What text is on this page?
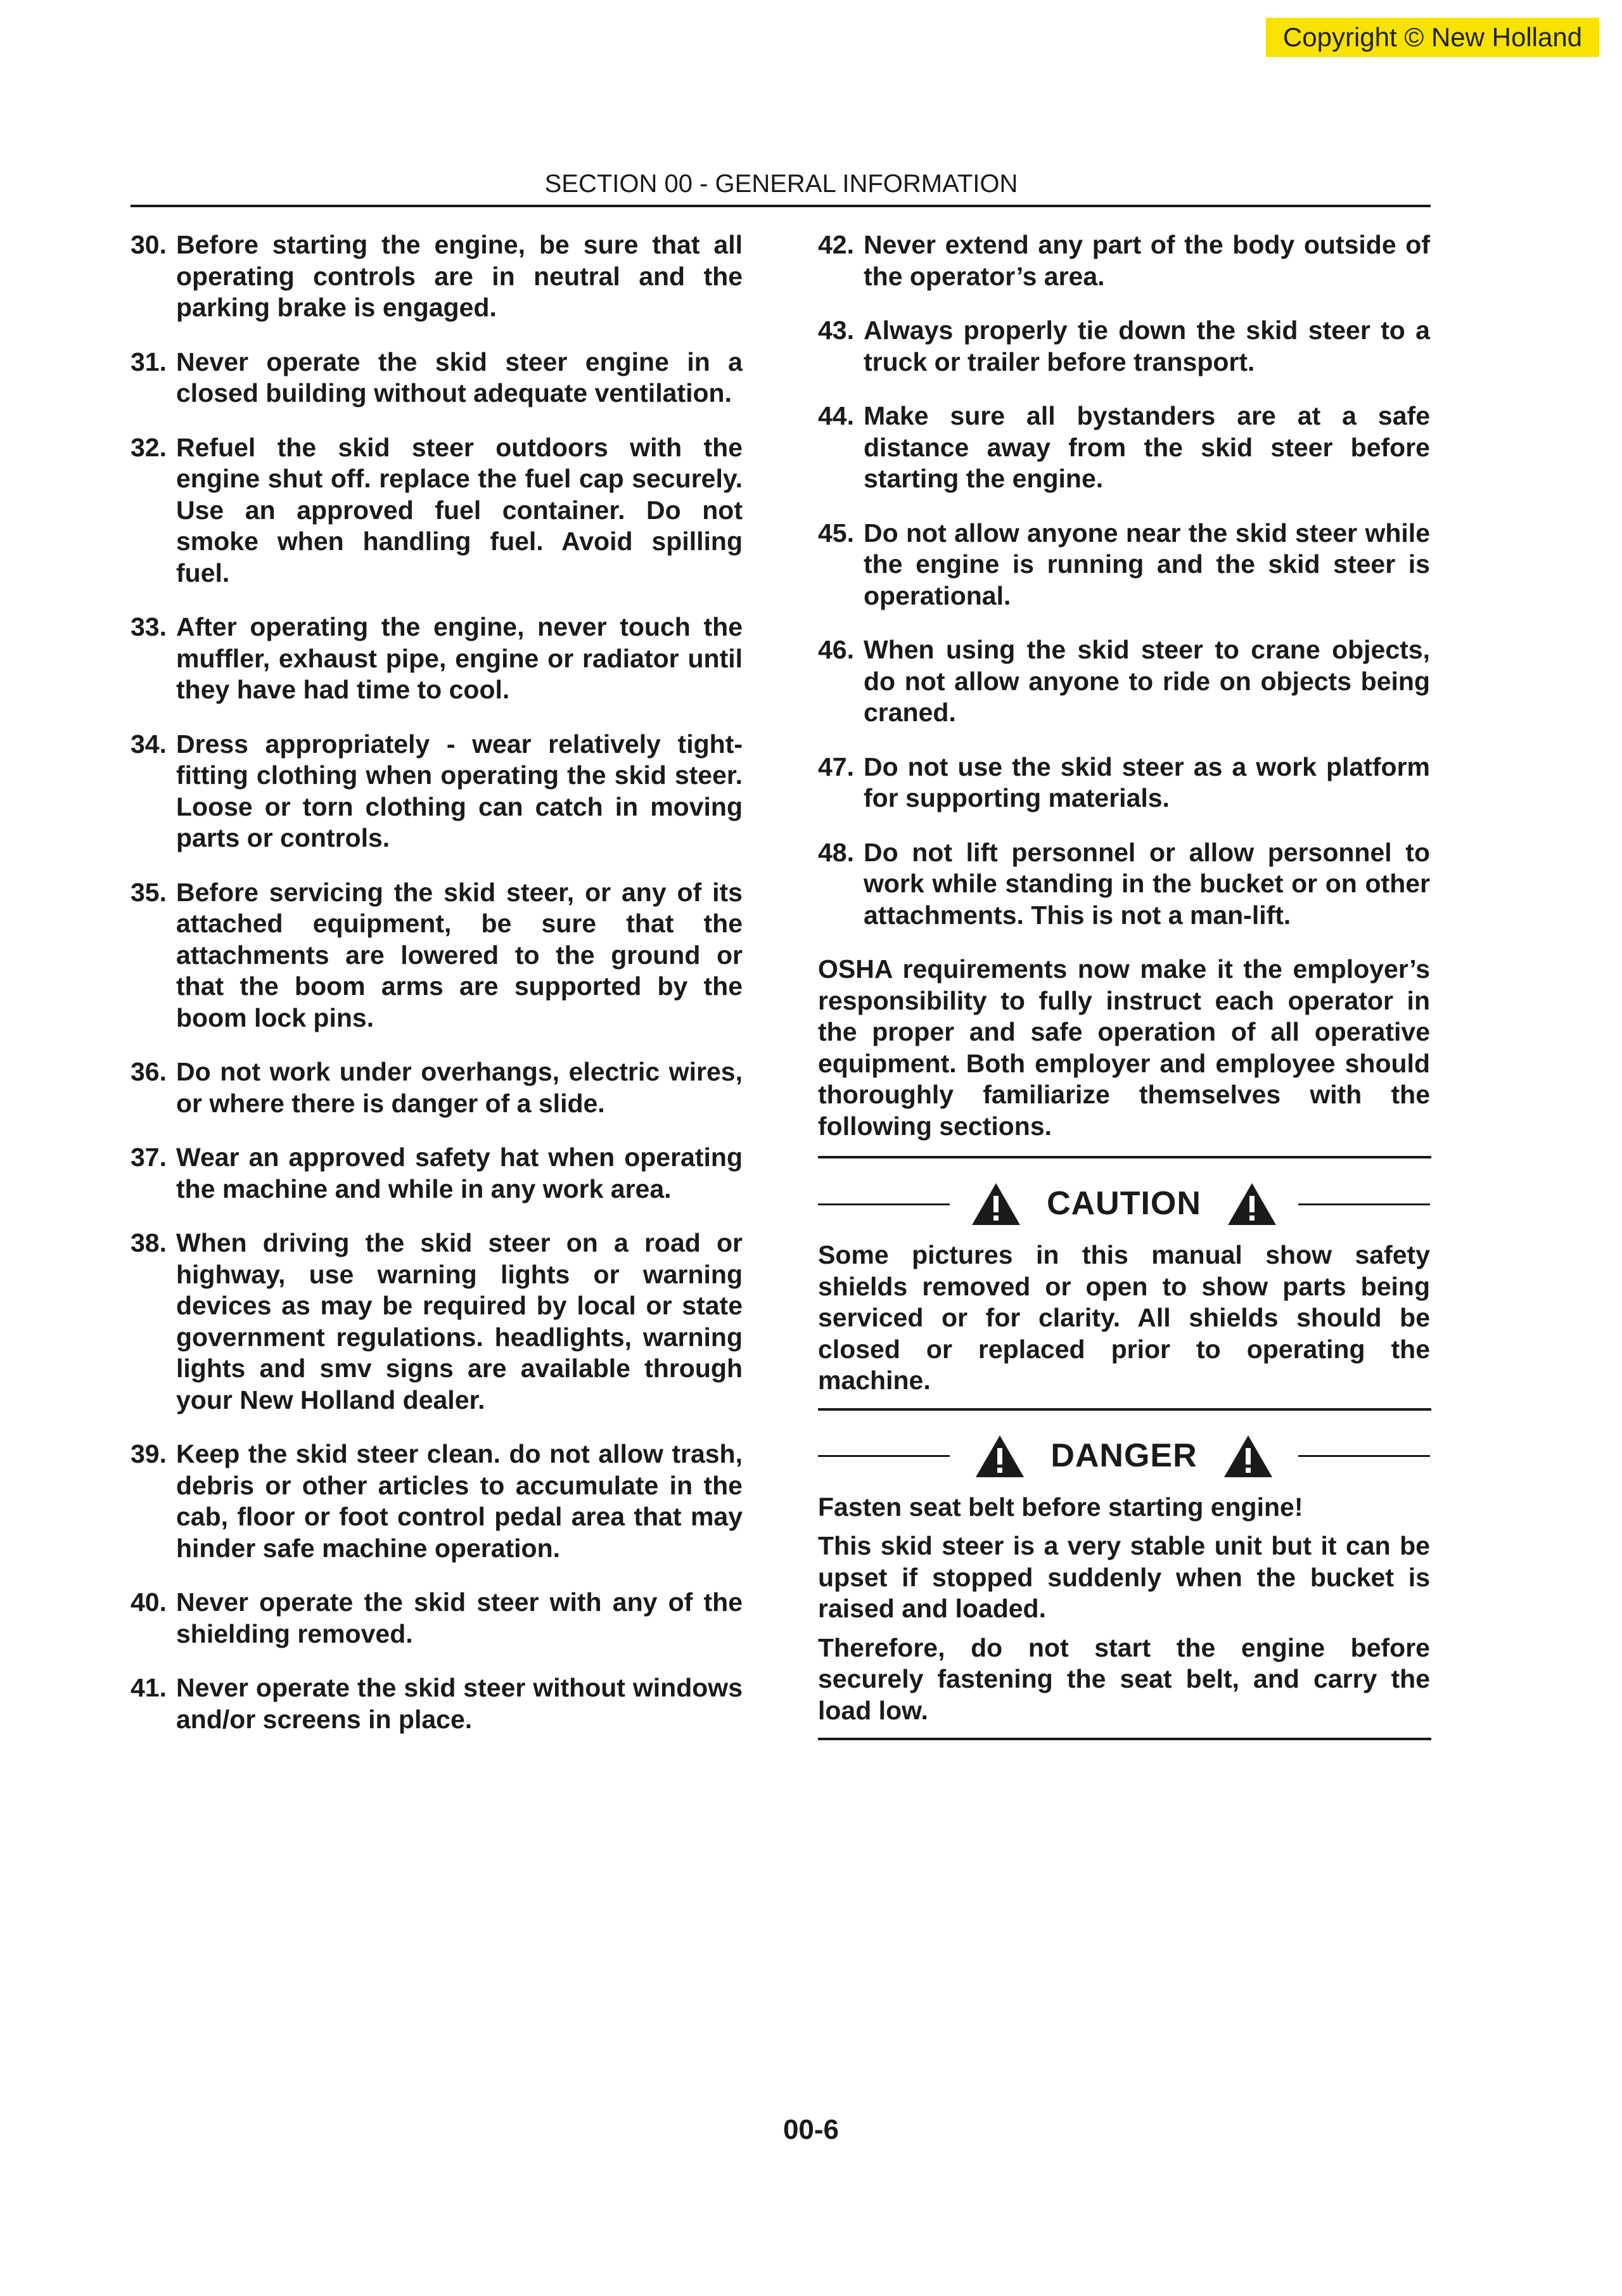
Copyright © New Holland
SECTION 00 - GENERAL INFORMATION
30. Before starting the engine, be sure that all operating controls are in neutral and the parking brake is engaged.
31. Never operate the skid steer engine in a closed building without adequate ventilation.
32. Refuel the skid steer outdoors with the engine shut off. replace the fuel cap securely. Use an approved fuel container. Do not smoke when handling fuel. Avoid spilling fuel.
33. After operating the engine, never touch the muffler, exhaust pipe, engine or radiator until they have had time to cool.
34. Dress appropriately - wear relatively tight-fitting clothing when operating the skid steer. Loose or torn clothing can catch in moving parts or controls.
35. Before servicing the skid steer, or any of its attached equipment, be sure that the attachments are lowered to the ground or that the boom arms are supported by the boom lock pins.
36. Do not work under overhangs, electric wires, or where there is danger of a slide.
37. Wear an approved safety hat when operating the machine and while in any work area.
38. When driving the skid steer on a road or highway, use warning lights or warning devices as may be required by local or state government regulations. headlights, warning lights and smv signs are available through your New Holland dealer.
39. Keep the skid steer clean. do not allow trash, debris or other articles to accumulate in the cab, floor or foot control pedal area that may hinder safe machine operation.
40. Never operate the skid steer with any of the shielding removed.
41. Never operate the skid steer without windows and/or screens in place.
42. Never extend any part of the body outside of the operator’s area.
43. Always properly tie down the skid steer to a truck or trailer before transport.
44. Make sure all bystanders are at a safe distance away from the skid steer before starting the engine.
45. Do not allow anyone near the skid steer while the engine is running and the skid steer is operational.
46. When using the skid steer to crane objects, do not allow anyone to ride on objects being craned.
47. Do not use the skid steer as a work platform for supporting materials.
48. Do not lift personnel or allow personnel to work while standing in the bucket or on other attachments. This is not a man-lift.
OSHA requirements now make it the employer’s responsibility to fully instruct each operator in the proper and safe operation of all operative equipment. Both employer and employee should thoroughly familiarize themselves with the following sections.
CAUTION
Some pictures in this manual show safety shields removed or open to show parts being serviced or for clarity. All shields should be closed or replaced prior to operating the machine.
DANGER
Fasten seat belt before starting engine!
This skid steer is a very stable unit but it can be upset if stopped suddenly when the bucket is raised and loaded.
Therefore, do not start the engine before securely fastening the seat belt, and carry the load low.
00-6
